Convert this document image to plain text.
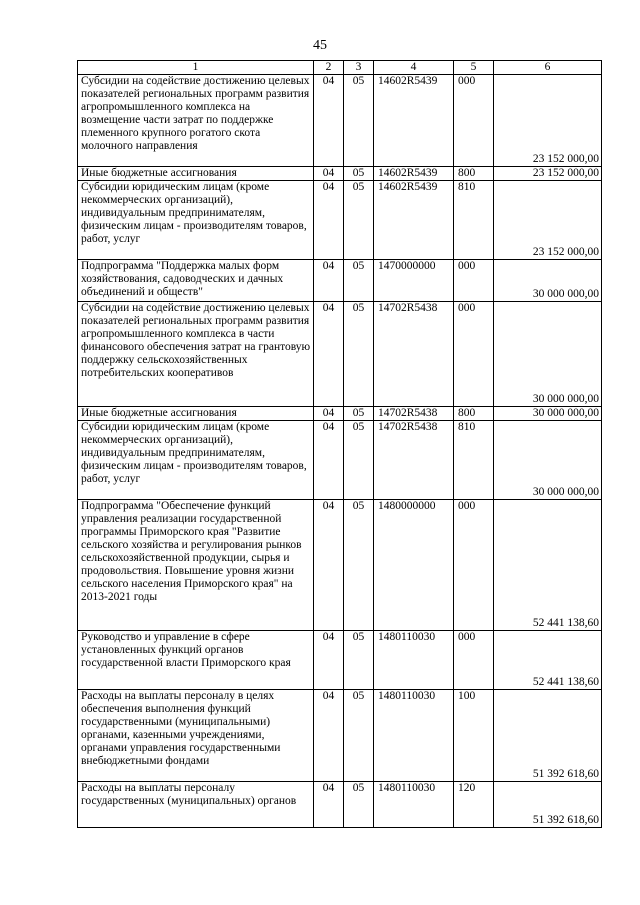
45
1	2	3	4	5	6
Субсидии на содействие достижению целевых показателей региональных программ развития агропромышленного комплекса на возмещение части затрат по поддержке племенного крупного рогатого скота молочного направления	04	05	14602R5439	000	23 152 000,00
Иные бюджетные ассигнования	04	05	14602R5439	800	23 152 000,00
Субсидии юридическим лицам (кроме некоммерческих организаций), индивидуальным предпринимателям, физическим лицам - производителям товаров, работ, услуг	04	05	14602R5439	810	23 152 000,00
Подпрограмма "Поддержка малых форм хозяйствования, садоводческих и дачных объединений и обществ"	04	05	1470000000	000	30 000 000,00
Субсидии на содействие достижению целевых показателей региональных программ развития агропромышленного комплекса в части финансового обеспечения затрат на грантовую поддержку сельскохозяйственных потребительских кооперативов	04	05	14702R5438	000	30 000 000,00
Иные бюджетные ассигнования	04	05	14702R5438	800	30 000 000,00
Субсидии юридическим лицам (кроме некоммерческих организаций), индивидуальным предпринимателям, физическим лицам - производителям товаров, работ, услуг	04	05	14702R5438	810	30 000 000,00
Подпрограмма "Обеспечение функций управления реализации государственной программы Приморского края "Развитие сельского хозяйства и регулирования рынков сельскохозяйственной продукции, сырья и продовольствия. Повышение уровня жизни сельского населения Приморского края" на 2013-2021 годы	04	05	1480000000	000	52 441 138,60
Руководство и управление в сфере установленных функций органов государственной власти Приморского края	04	05	1480110030	000	52 441 138,60
Расходы на выплаты персоналу в целях обеспечения выполнения функций государственными (муниципальными) органами, казенными учреждениями, органами управления государственными внебюджетными фондами	04	05	1480110030	100	51 392 618,60
Расходы на выплаты персоналу государственных (муниципальных) органов	04	05	1480110030	120	51 392 618,60
